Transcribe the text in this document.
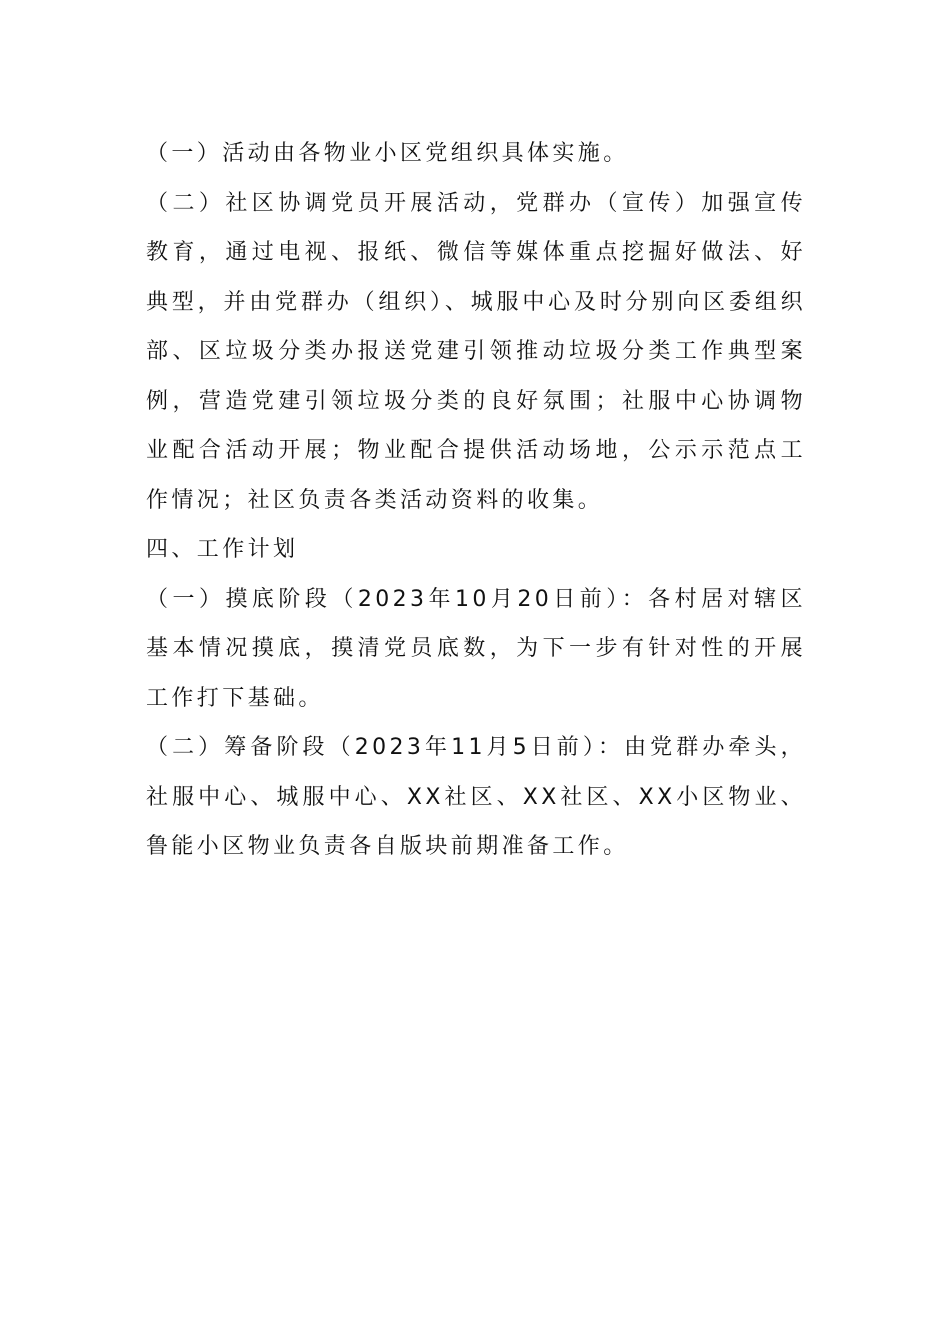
（一）活动由各物业小区党组织具体实施。

（二）社区协调党员开展活动，党群办（宣传）加强宣传教育，通过电视、报纸、微信等媒体重点挖掘好做法、好典型，并由党群办（组织）、城服中心及时分别向区委组织部、区垃圾分类办报送党建引领推动垃圾分类工作典型案例，营造党建引领垃圾分类的良好氛围；社服中心协调物业配合活动开展；物业配合提供活动场地，公示示范点工作情况；社区负责各类活动资料的收集。

四、工作计划

（一）摸底阶段（2023年10月20日前）：各村居对辖区基本情况摸底，摸清党员底数，为下一步有针对性的开展工作打下基础。

（二）筹备阶段（2023年11月5日前）：由党群办牵头，社服中心、城服中心、XX社区、XX社区、XX小区物业、鲁能小区物业负责各自版块前期准备工作。
